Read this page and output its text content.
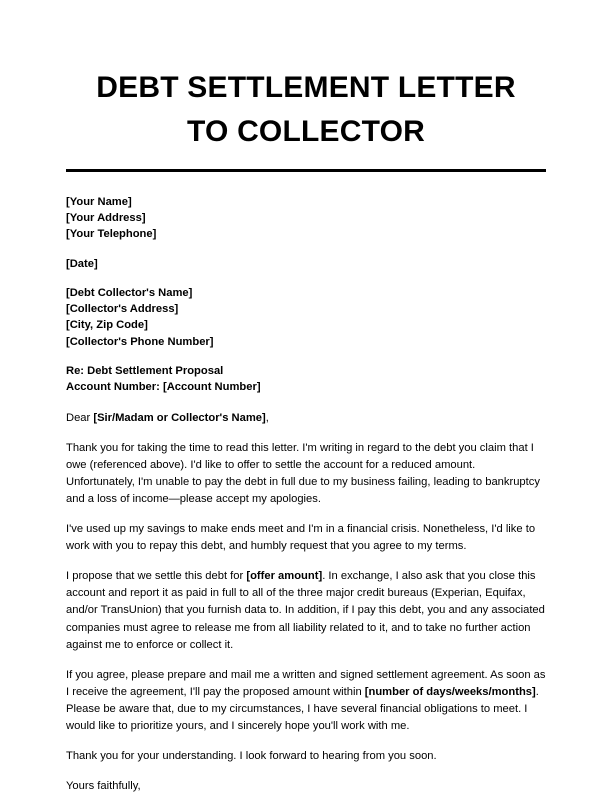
DEBT SETTLEMENT LETTER
TO COLLECTOR
[Your Name]
[Your Address]
[Your Telephone]
[Date]
[Debt Collector's Name]
[Collector's Address]
[City, Zip Code]
[Collector's Phone Number]
Re: Debt Settlement Proposal
Account Number: [Account Number]

Dear [Sir/Madam or Collector's Name],

Thank you for taking the time to read this letter. I'm writing in regard to the debt you claim that I owe (referenced above). I'd like to offer to settle the account for a reduced amount. Unfortunately, I'm unable to pay the debt in full due to my business failing, leading to bankruptcy and a loss of income—please accept my apologies.

I've used up my savings to make ends meet and I'm in a financial crisis. Nonetheless, I'd like to work with you to repay this debt, and humbly request that you agree to my terms.

I propose that we settle this debt for [offer amount]. In exchange, I also ask that you close this account and report it as paid in full to all of the three major credit bureaus (Experian, Equifax, and/or TransUnion) that you furnish data to. In addition, if I pay this debt, you and any associated companies must agree to release me from all liability related to it, and to take no further action against me to enforce or collect it.

If you agree, please prepare and mail me a written and signed settlement agreement. As soon as I receive the agreement, I'll pay the proposed amount within [number of days/weeks/months]. Please be aware that, due to my circumstances, I have several financial obligations to meet. I would like to prioritize yours, and I sincerely hope you'll work with me.

Thank you for your understanding. I look forward to hearing from you soon.

Yours faithfully,
